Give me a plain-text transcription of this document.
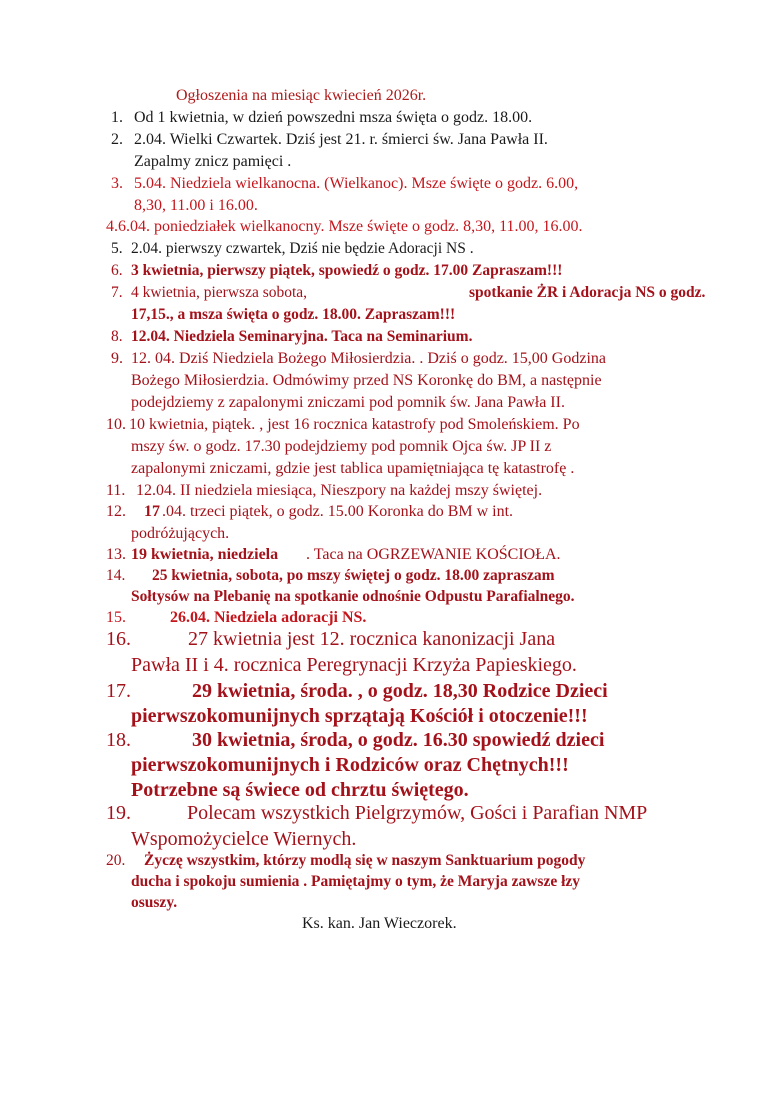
Ogłoszenia na miesiąc kwiecień 2026r.
1. Od 1 kwietnia, w dzień powszedni msza święta o godz. 18.00.
2. 2.04. Wielki Czwartek. Dziś jest 21. r. śmierci św. Jana Pawła II.
Zapalmy znicz pamięci .
3. 5.04. Niedziela wielkanocna. (Wielkanoc). Msze święte o godz. 6.00,
8,30, 11.00 i 16.00.
4.6.04. poniedziałek wielkanocny. Msze święte o godz. 8,30, 11.00, 16.00.
5. 2.04. pierwszy czwartek, Dziś nie będzie Adoracji NS .
6. 3 kwietnia, pierwszy piątek, spowiedź o godz. 17.00 Zapraszam!!!
7. 4 kwietnia, pierwsza sobota,	spotkanie ŻR i Adoracja NS o godz.
17,15., a msza święta o godz. 18.00. Zapraszam!!!
8. 12.04. Niedziela Seminaryjna. Taca na Seminarium.
9. 12. 04. Dziś Niedziela Bożego Miłosierdzia. . Dziś o godz. 15,00 Godzina
Bożego Miłosierdzia. Odmówimy przed NS Koronkę do BM, a następnie
podejdziemy z zapalonymi zniczami pod pomnik św. Jana Pawła II.
10. 10 kwietnia, piątek. , jest 16 rocznica katastrofy pod Smoleńskiem. Po
mszy św. o godz. 17.30 podejdziemy pod pomnik Ojca św. JP II z
zapalonymi zniczami, gdzie jest tablica upamiętniająca tę katastrofę .
11. 12.04. II niedziela miesiąca, Nieszpory na każdej mszy świętej.
12. 17 .04. trzeci piątek, o godz. 15.00 Koronka do BM w int.
podróżujących.
13. 19 kwietnia, niedziela . Taca na OGRZEWANIE KOŚCIOŁA.
14. 25 kwietnia, sobota, po mszy świętej o godz. 18.00 zapraszam
Sołtysów na Plebanię na spotkanie odnośnie Odpustu Parafialnego.
15.	26.04. Niedziela adoracji NS.
16.	27 kwietnia jest 12. rocznica kanonizacji Jana
Pawła II i 4. rocznica Peregrynacji Krzyża Papieskiego.
17.	29 kwietnia, środa. , o godz. 18,30 Rodzice Dzieci
pierwszokomunijnych sprzątają Kościół i otoczenie!!!
18.	30 kwietnia, środa, o godz. 16.30 spowiedź dzieci
pierwszokomunijnych i Rodziców oraz Chętnych!!!
Potrzebne są świece od chrztu świętego.
19.	Polecam wszystkich Pielgrzymów, Gości i Parafian NMP
Wspomożycielce Wiernych.
20. Życzę wszystkim, którzy modlą się w naszym Sanktuarium pogody
ducha i spokoju sumienia . Pamiętajmy o tym, że Maryja zawsze łzy
osuszy.
Ks. kan. Jan Wieczorek.
